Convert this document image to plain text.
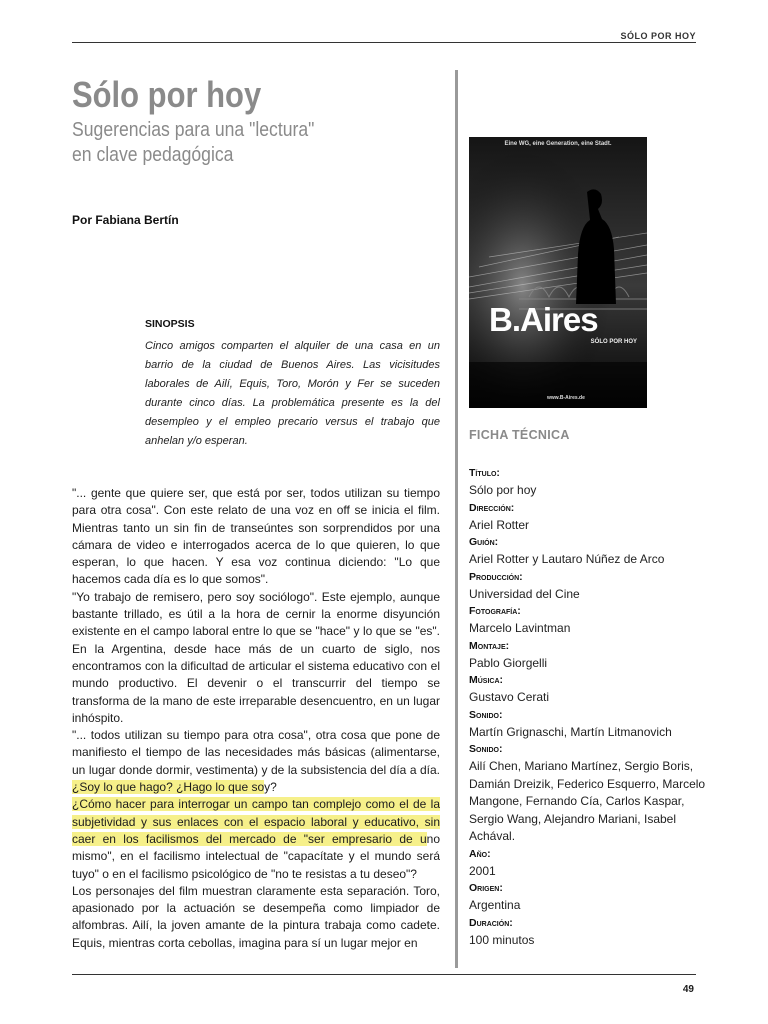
SÓLO POR HOY
Sólo por hoy
Sugerencias para una "lectura"
en clave pedagógica
Por Fabiana Bertín
SINOPSIS

Cinco amigos comparten el alquiler de una casa en un barrio de la ciudad de Buenos Aires. Las vicisitudes laborales de Ailí, Equis, Toro, Morón y Fer se suceden durante cinco días. La problemática presente es la del desempleo y el empleo precario versus el trabajo que anhelan y/o esperan.

"... gente que quiere ser, que está por ser, todos utilizan su tiempo para otra cosa". Con este relato de una voz en off se inicia el film. Mientras tanto un sin fin de transeúntes son sorprendidos por una cámara de video e interrogados acerca de lo que quieren, lo que esperan, lo que hacen. Y esa voz continua diciendo: "Lo que hacemos cada día es lo que somos".

"Yo trabajo de remisero, pero soy sociólogo". Este ejemplo, aunque bastante trillado, es útil a la hora de cernir la enorme disyunción existente en el campo laboral entre lo que se "hace" y lo que se "es". En la Argentina, desde hace más de un cuarto de siglo, nos encontramos con la dificultad de articular el sistema educativo con el mundo productivo. El devenir o el transcurrir del tiempo se transforma de la mano de este irreparable desencuentro, en un lugar inhóspito.

"... todos utilizan su tiempo para otra cosa", otra cosa que pone de manifiesto el tiempo de las necesidades más básicas (alimentarse, un lugar donde dormir, vestimenta) y de la subsistencia del día a día. ¿Soy lo que hago? ¿Hago lo que soy?

¿Cómo hacer para interrogar un campo tan complejo como el de la subjetividad y sus enlaces con el espacio laboral y educativo, sin caer en los facilismos del mercado de "ser empresario de uno mismo", en el facilismo intelectual de "capacítate y el mundo será tuyo" o en el facilismo psicológico de "no te resistas a tu deseo"?

Los personajes del film muestran claramente esta separación. Toro, apasionado por la actuación se desempeña como limpiador de alfombras. Ailí, la joven amante de la pintura trabaja como cadete. Equis, mientras corta cebollas, imagina para sí un lugar mejor en

Eine WG, eine Generation, eine Stadt.
B.Aires
SÓLO POR HOY
www.B-Aires.de
FICHA TÉCNICA
Título:
Sólo por hoy
Dirección:
Ariel Rotter
Guión:
Ariel Rotter y Lautaro Núñez de Arco
Producción:
Universidad del Cine
Fotografía:
Marcelo Lavintman
Montaje:
Pablo Giorgelli
Música:
Gustavo Cerati
Sonido:
Martín Grignaschi, Martín Litmanovich
Sonido:
Ailí Chen, Mariano Martínez, Sergio Boris, Damián Dreizik, Federico Esquerro, Marcelo Mangone, Fernando Cía, Carlos Kaspar, Sergio Wang, Alejandro Mariani, Isabel Achával.
Año:
2001
Origen:
Argentina
Duración:
100 minutos
49
